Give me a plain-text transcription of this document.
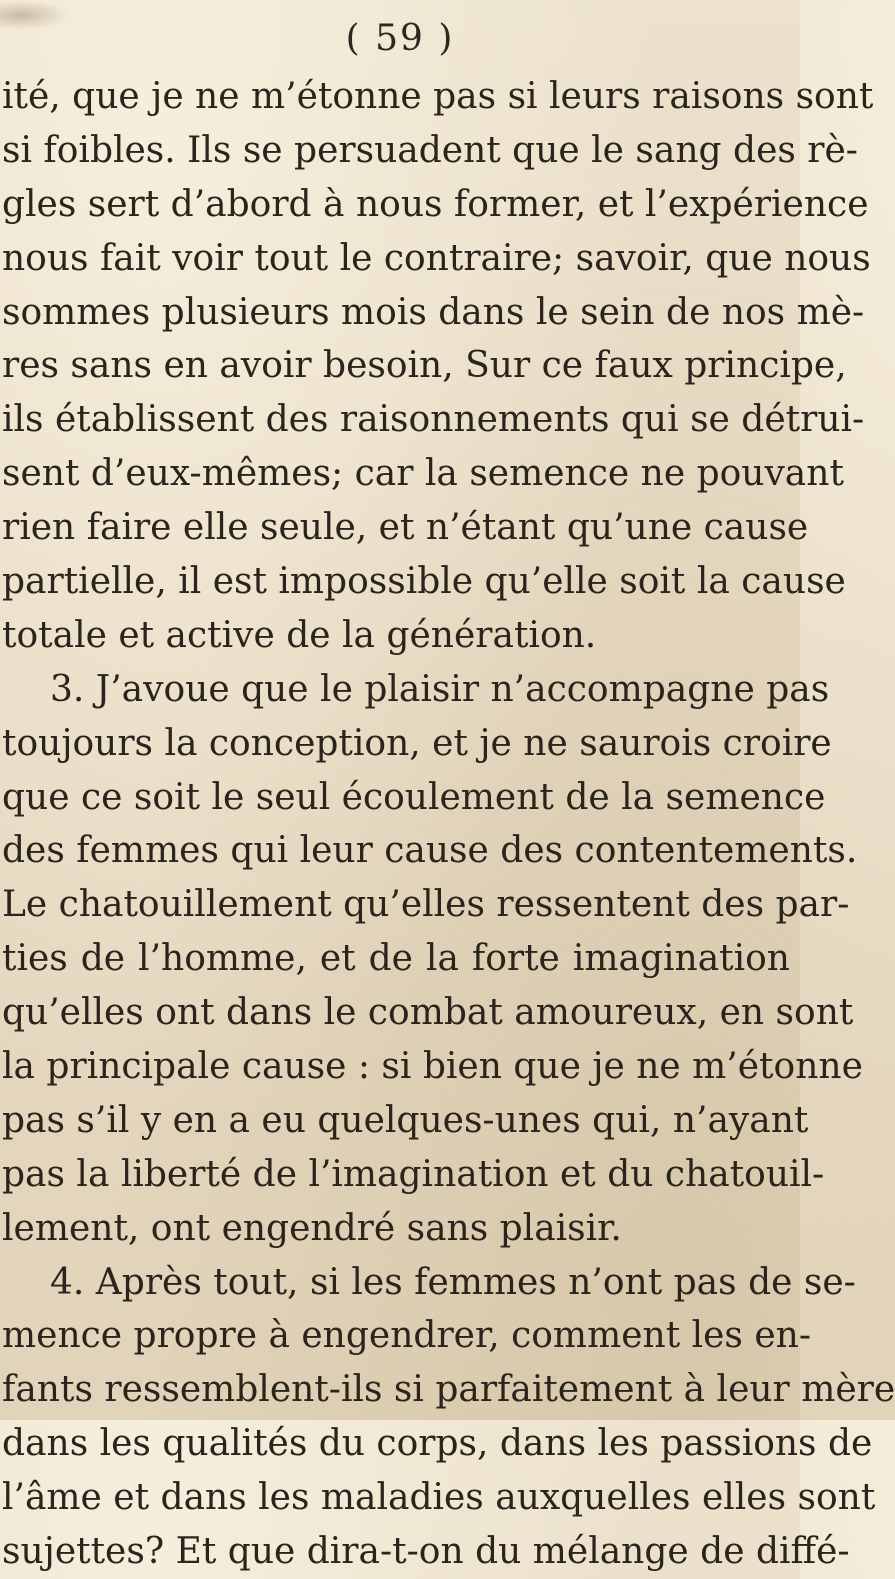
( 59 )
ité, que je ne m’étonne pas si leurs raisons sont
si foibles. Ils se persuadent que le sang des rè-
gles sert d’abord à nous former, et l’expérience
nous fait voir tout le contraire; savoir, que nous
sommes plusieurs mois dans le sein de nos mè-
res sans en avoir besoin, Sur ce faux principe,
ils établissent des raisonnements qui se détrui-
sent d’eux-mêmes; car la semence ne pouvant
rien faire elle seule, et n’étant qu’une cause
partielle, il est impossible qu’elle soit la cause
totale et active de la génération.
3. J’avoue que le plaisir n’accompagne pas
toujours la conception, et je ne saurois croire
que ce soit le seul écoulement de la semence
des femmes qui leur cause des contentements.
Le chatouillement qu’elles ressentent des par-
ties de l’homme, et de la forte imagination
qu’elles ont dans le combat amoureux, en sont
la principale cause : si bien que je ne m’étonne
pas s’il y en a eu quelques-unes qui, n’ayant
pas la liberté de l’imagination et du chatouil-
lement, ont engendré sans plaisir.
4. Après tout, si les femmes n’ont pas de se-
mence propre à engendrer, comment les en-
fants ressemblent-ils si parfaitement à leur mère
dans les qualités du corps, dans les passions de
l’âme et dans les maladies auxquelles elles sont
sujettes? Et que dira-t-on du mélange de diffé-
